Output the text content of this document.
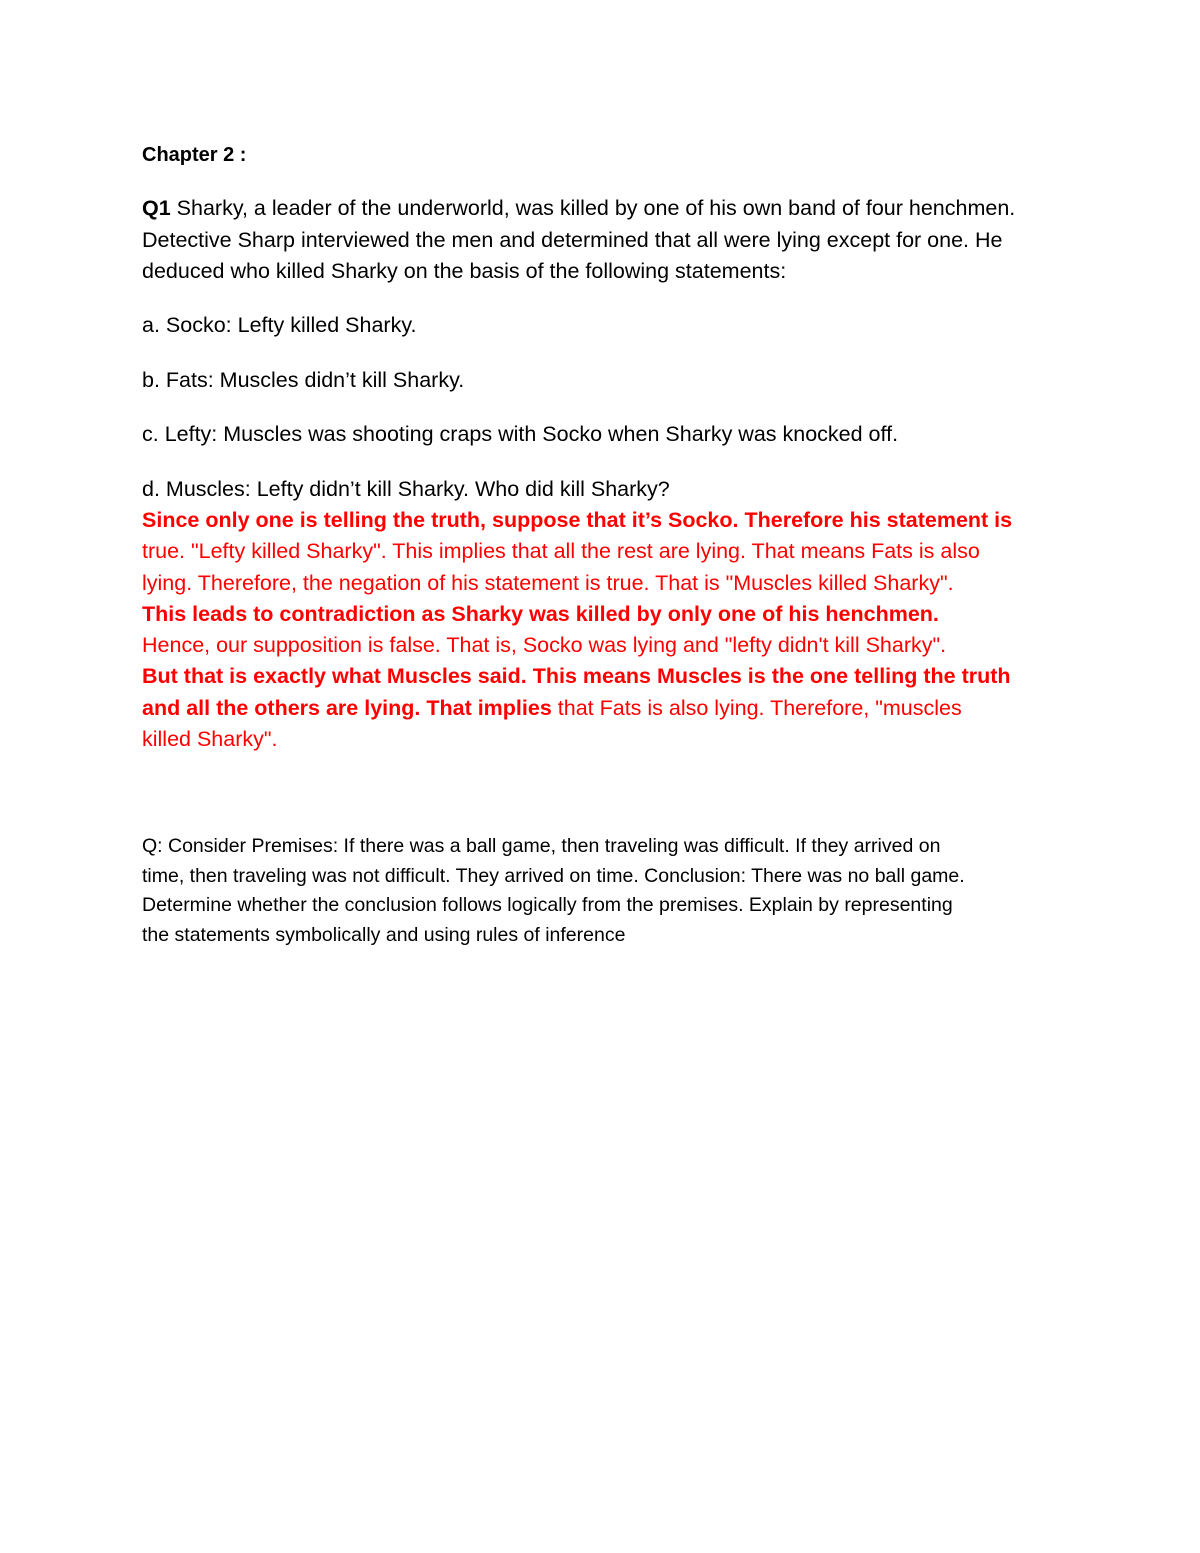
Chapter 2 :
Q1 Sharky, a leader of the underworld, was killed by one of his own band of four henchmen. Detective Sharp interviewed the men and determined that all were lying except for one. He deduced who killed Sharky on the basis of the following statements:
a. Socko: Lefty killed Sharky.
b. Fats: Muscles didn’t kill Sharky.
c. Lefty: Muscles was shooting craps with Socko when Sharky was knocked off.
d. Muscles: Lefty didn’t kill Sharky. Who did kill Sharky?
Since only one is telling the truth, suppose that it’s Socko. Therefore his statement is
true. "Lefty killed Sharky". This implies that all the rest are lying. That means Fats is also
lying. Therefore, the negation of his statement is true. That is "Muscles killed Sharky".
This leads to contradiction as Sharky was killed by only one of his henchmen.
Hence, our supposition is false. That is, Socko was lying and "lefty didn't kill Sharky".
But that is exactly what Muscles said. This means Muscles is the one telling the truth
and all the others are lying. That implies that Fats is also lying. Therefore, "muscles
killed Sharky".
Q: Consider Premises: If there was a ball game, then traveling was difficult. If they arrived on
time, then traveling was not difficult. They arrived on time. Conclusion: There was no ball game.
Determine whether the conclusion follows logically from the premises. Explain by representing
the statements symbolically and using rules of inference
